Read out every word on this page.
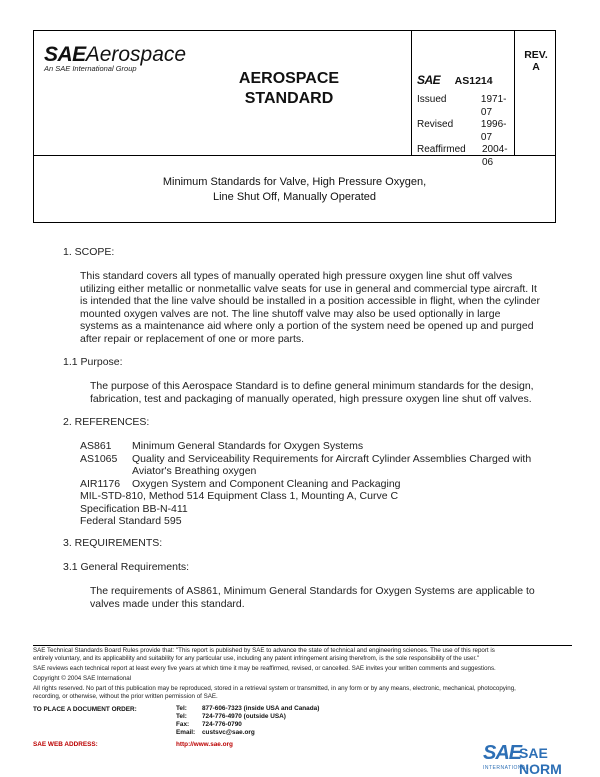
SAEAerospace
An SAE International Group
AEROSPACE
STANDARD
SAE AS1214
Issued	1971-07
Revised	1996-07
Reaffirmed	2004-06
REV.
A
Minimum Standards for Valve, High Pressure Oxygen,
Line Shut Off, Manually Operated
1. SCOPE:
This standard covers all types of manually operated high pressure oxygen line shut off valves
utilizing either metallic or nonmetallic valve seats for use in general and commercial type aircraft. It
is intended that the line valve should be installed in a position accessible in flight, when the cylinder
mounted oxygen valves are not. The line shutoff valve may also be used optionally in large
systems as a maintenance aid where only a portion of the system need be opened up and purged
after repair or replacement of one or more parts.
1.1 Purpose:
The purpose of this Aerospace Standard is to define general minimum standards for the design,
fabrication, test and packaging of manually operated, high pressure oxygen line shut off valves.
2. REFERENCES:
AS861	Minimum General Standards for Oxygen Systems
AS1065	Quality and Serviceability Requirements for Aircraft Cylinder Assemblies Charged with
Aviator's Breathing oxygen
AIR1176	Oxygen System and Component Cleaning and Packaging
MIL-STD-810, Method 514 Equipment Class 1, Mounting A, Curve C
Specification BB-N-411
Federal Standard 595
3. REQUIREMENTS:
3.1 General Requirements:
The requirements of AS861, Minimum General Standards for Oxygen Systems are applicable to
valves made under this standard.
SAE Technical Standards Board Rules provide that: "This report is published by SAE to advance the state of technical and engineering sciences. The use of this report is
entirely voluntary, and its applicability and suitability for any particular use, including any patent infringement arising therefrom, is the sole responsibility of the user."
SAE reviews each technical report at least every five years at which time it may be reaffirmed, revised, or cancelled. SAE invites your written comments and suggestions.
Copyright © 2004 SAE International
All rights reserved. No part of this publication may be reproduced, stored in a retrieval system or transmitted, in any form or by any means, electronic, mechanical, photocopying,
recording, or otherwise, without the prior written permission of SAE.
TO PLACE A DOCUMENT ORDER:	Tel:	877-606-7323 (inside USA and Canada)
Tel:	724-776-4970 (outside USA)
Fax:	724-776-0790
Email:	custsvc@sae.org
SAE WEB ADDRESS:	http://www.sae.org	SAE
SAE NORM
INTERNATIONAL
